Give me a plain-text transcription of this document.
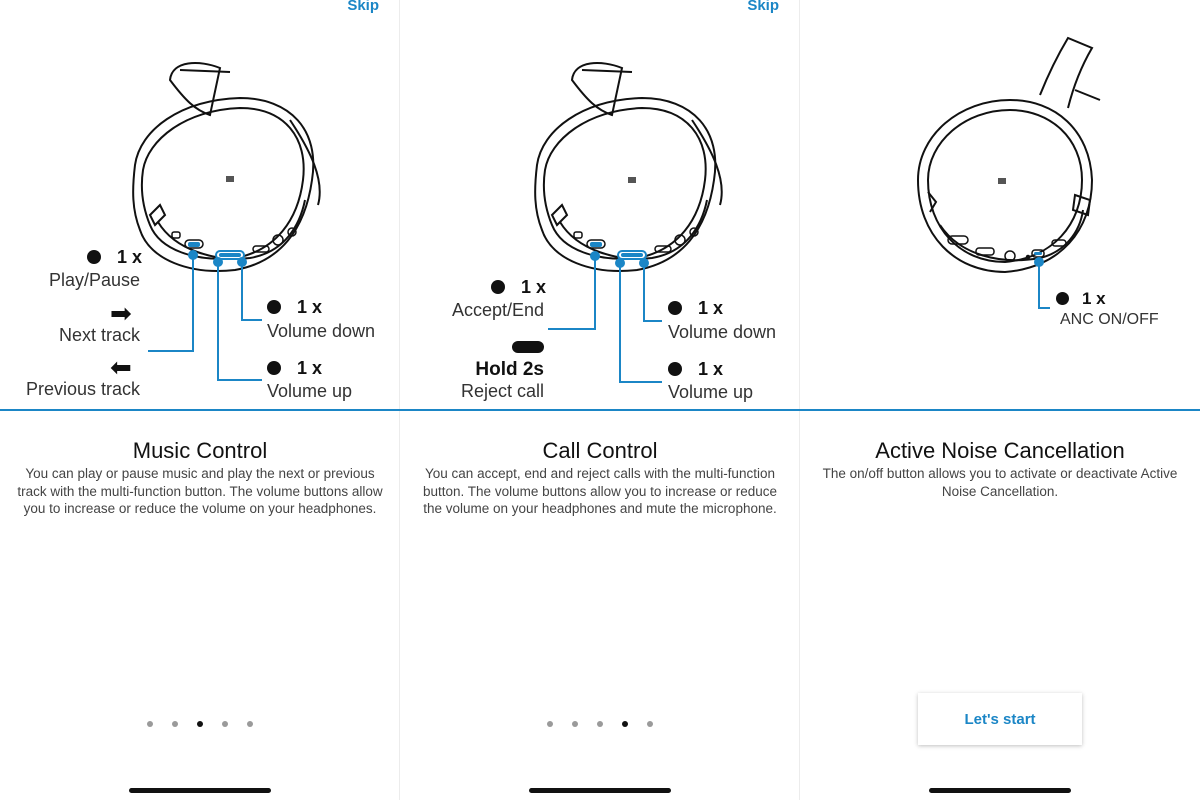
Skip
1 x
Play/Pause
➡
Next track
⬅
Previous track
1 x
Volume down
1 x
Volume up
Music Control
You can play or pause music and play the next or previous track with the multi-function button. The volume buttons allow you to increase or reduce the volume on your headphones.
Skip
1 x
Accept/End
Hold 2s
Reject call
1 x
Volume down
1 x
Volume up
Call Control
You can accept, end and reject calls with the multi-function button. The volume buttons allow you to increase or reduce the volume on your headphones and mute the microphone.
1 x
ANC ON/OFF
Active Noise Cancellation
The on/off button allows you to activate or deactivate Active Noise Cancellation.
Let's start
